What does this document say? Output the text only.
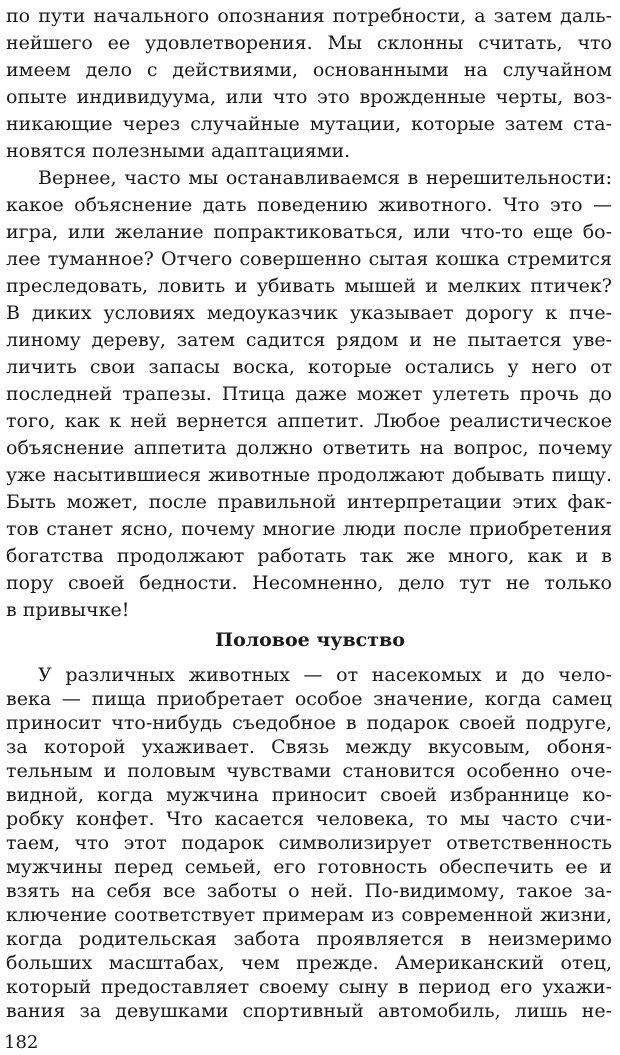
по пути начального опознания потребности, а затем даль-
нейшего ее удовлетворения. Мы склонны считать, что
имеем дело с действиями, основанными на случайном
опыте индивидуума, или что это врожденные черты, воз-
никающие через случайные мутации, которые затем ста-
новятся полезными адаптациями.
Вернее, часто мы останавливаемся в нерешительности:
какое объяснение дать поведению животного. Что это —
игра, или желание попрактиковаться, или что-то еще бо-
лее туманное? Отчего совершенно сытая кошка стремится
преследовать, ловить и убивать мышей и мелких птичек?
В диких условиях медоуказчик указывает дорогу к пче-
линому дереву, затем садится рядом и не пытается уве-
личить свои запасы воска, которые остались у него от
последней трапезы. Птица даже может улететь прочь до
того, как к ней вернется аппетит. Любое реалистическое
объяснение аппетита должно ответить на вопрос, почему
уже насытившиеся животные продолжают добывать пищу.
Быть может, после правильной интерпретации этих фак-
тов станет ясно, почему многие люди после приобретения
богатства продолжают работать так же много, как и в
пору своей бедности. Несомненно, дело тут не только
в привычке!
Половое чувство
У различных животных — от насекомых и до чело-
века — пища приобретает особое значение, когда самец
приносит что-нибудь съедобное в подарок своей подруге,
за которой ухаживает. Связь между вкусовым, обоня-
тельным и половым чувствами становится особенно оче-
видной, когда мужчина приносит своей избраннице ко-
робку конфет. Что касается человека, то мы часто счи-
таем, что этот подарок символизирует ответственность
мужчины перед семьей, его готовность обеспечить ее и
взять на себя все заботы о ней. По-видимому, такое за-
ключение соответствует примерам из современной жизни,
когда родительская забота проявляется в неизмеримо
больших масштабах, чем прежде. Американский отец,
который предоставляет своему сыну в период его ухажи-
вания за девушками спортивный автомобиль, лишь не-
182
